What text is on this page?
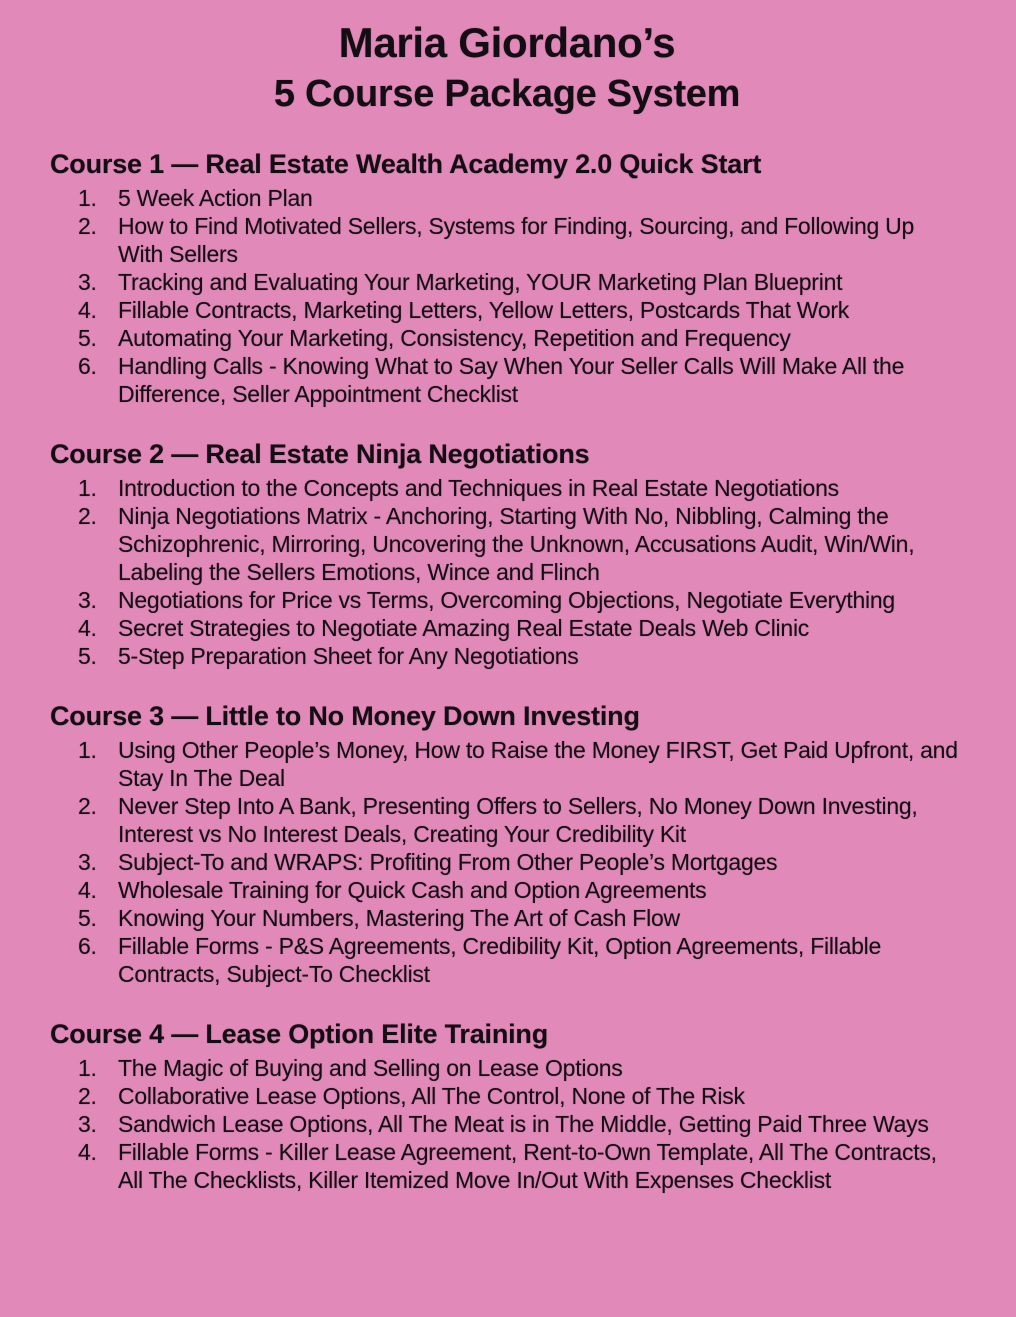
Maria Giordano’s
5 Course Package System
Course 1 — Real Estate Wealth Academy 2.0 Quick Start
5 Week Action Plan
How to Find Motivated Sellers, Systems for Finding, Sourcing, and Following Up With Sellers
Tracking and Evaluating Your Marketing, YOUR Marketing Plan Blueprint
Fillable Contracts, Marketing Letters, Yellow Letters, Postcards That Work
Automating Your Marketing, Consistency, Repetition and Frequency
Handling Calls - Knowing What to Say When Your Seller Calls Will Make All the Difference, Seller Appointment Checklist
Course 2 — Real Estate Ninja Negotiations
Introduction to the Concepts and Techniques in Real Estate Negotiations
Ninja Negotiations Matrix - Anchoring, Starting With No, Nibbling, Calming the Schizophrenic, Mirroring, Uncovering the Unknown, Accusations Audit, Win/Win, Labeling the Sellers Emotions, Wince and Flinch
Negotiations for Price vs Terms, Overcoming Objections, Negotiate Everything
Secret Strategies to Negotiate Amazing Real Estate Deals Web Clinic
5-Step Preparation Sheet for Any Negotiations
Course 3 — Little to No Money Down Investing
Using Other People’s Money, How to Raise the Money FIRST, Get Paid Upfront, and Stay In The Deal
Never Step Into A Bank, Presenting Offers to Sellers, No Money Down Investing, Interest vs No Interest Deals, Creating Your Credibility Kit
Subject-To and WRAPS: Profiting From Other People’s Mortgages
Wholesale Training for Quick Cash and Option Agreements
Knowing Your Numbers, Mastering The Art of Cash Flow
Fillable Forms - P&S Agreements, Credibility Kit, Option Agreements, Fillable Contracts, Subject-To Checklist
Course 4 — Lease Option Elite Training
The Magic of Buying and Selling on Lease Options
Collaborative Lease Options, All The Control, None of The Risk
Sandwich Lease Options, All The Meat is in The Middle, Getting Paid Three Ways
Fillable Forms - Killer Lease Agreement, Rent-to-Own Template, All The Contracts, All The Checklists, Killer Itemized Move In/Out With Expenses Checklist
